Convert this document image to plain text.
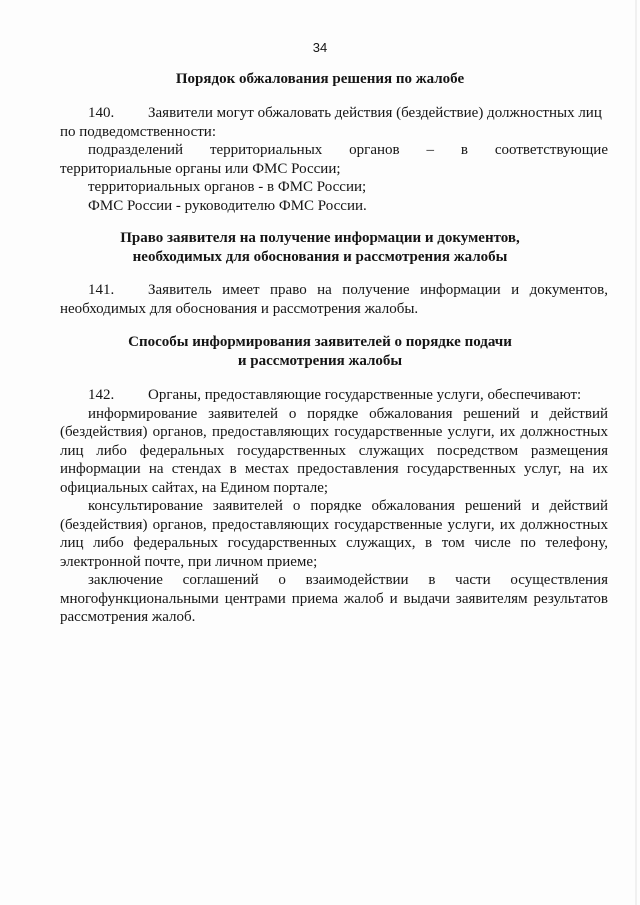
34
Порядок обжалования решения по жалобе

140. Заявители могут обжаловать действия (бездействие) должностных лиц

по подведомственности:

подразделений территориальных органов – в соответствующие

территориальные органы или ФМС России;

территориальных органов - в ФМС России;

ФМС России - руководителю ФМС России.

Право заявителя на получение информации и документов,
необходимых для обоснования и рассмотрения жалобы

141. Заявитель имеет право на получение информации и документов, необходимых для обоснования и рассмотрения жалобы.

Способы информирования заявителей о порядке подачи
и рассмотрения жалобы

142. Органы, предоставляющие государственные услуги, обеспечивают:

информирование заявителей о порядке обжалования решений и действий (бездействия) органов, предоставляющих государственные услуги, их должностных лиц либо федеральных государственных служащих посредством размещения информации на стендах в местах предоставления государственных услуг, на их официальных сайтах, на Едином портале;

консультирование заявителей о порядке обжалования решений и действий (бездействия) органов, предоставляющих государственные услуги, их должностных лиц либо федеральных государственных служащих, в том числе по телефону, электронной почте, при личном приеме;

заключение соглашений о взаимодействии в части осуществления многофункциональными центрами приема жалоб и выдачи заявителям результатов рассмотрения жалоб.
